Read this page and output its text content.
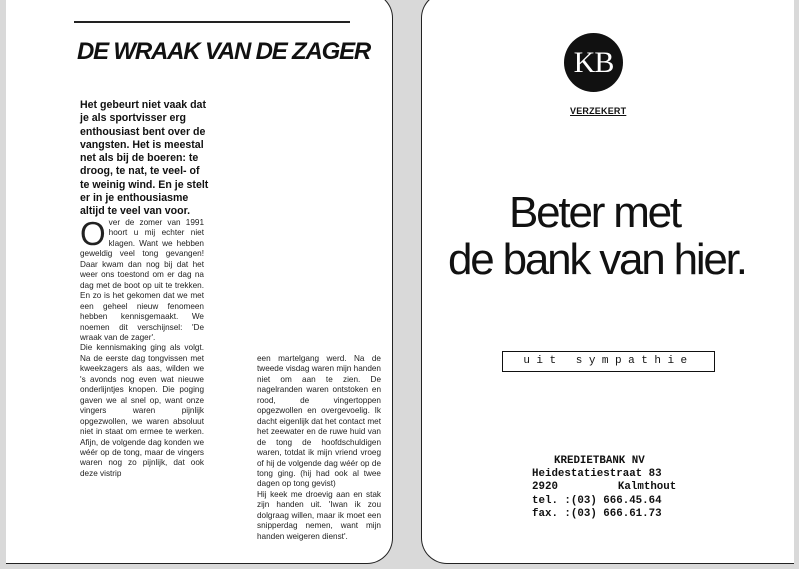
DE WRAAK VAN DE ZAGER
Het gebeurt niet vaak dat je als sportvisser erg enthousiast bent over de vangsten. Het is meestal net als bij de boeren: te droog, te nat, te veel- of te weinig wind. En je stelt er in je enthousiasme altijd te veel van voor.

Over de zomer van 1991 hoort u mij echter niet klagen. Want we hebben geweldig veel tong gevangen! Daar kwam dan nog bij dat het weer ons toestond om er dag na dag met de boot op uit te trekken. En zo is het gekomen dat we met een geheel nieuw fenomeen hebben kennisgemaakt. We noemen dit verschijnsel: 'De wraak van de zager'.

Die kennismaking ging als volgt. Na de eerste dag tongvissen met kweekzagers als aas, wilden we 's avonds nog even wat nieuwe onderlijntjes knopen. Die poging gaven we al snel op, want onze vingers waren pijnlijk opgezwollen, we waren absoluut niet in staat om ermee te werken. Afijn, de volgende dag konden we wéér op de tong, maar de vingers waren nog zo pijnlijk, dat ook deze vistrip

een martelgang werd. Na de tweede visdag waren mijn handen niet om aan te zien. De nagelranden waren ontstoken en rood, de vingertoppen opgezwollen en overgevoelig. Ik dacht eigenlijk dat het contact met het zeewater en de ruwe huid van de tong de hoofdschuldigen waren, totdat ik mijn vriend vroeg of hij de volgende dag wéér op de tong ging. (hij had ook al twee dagen op tong gevist)

Hij keek me droevig aan en stak zijn handen uit. 'Iwan ik zou dolgraag willen, maar ik moet een snipperdag nemen, want mijn handen weigeren dienst'.

KB
VERZEKERT
Beter met
de bank van hier.
uit sympathie
KREDIETBANK NV
Heidestatiestraat 83
2920	Kalmthout
tel. :(03) 666.45.64
fax. :(03) 666.61.73
